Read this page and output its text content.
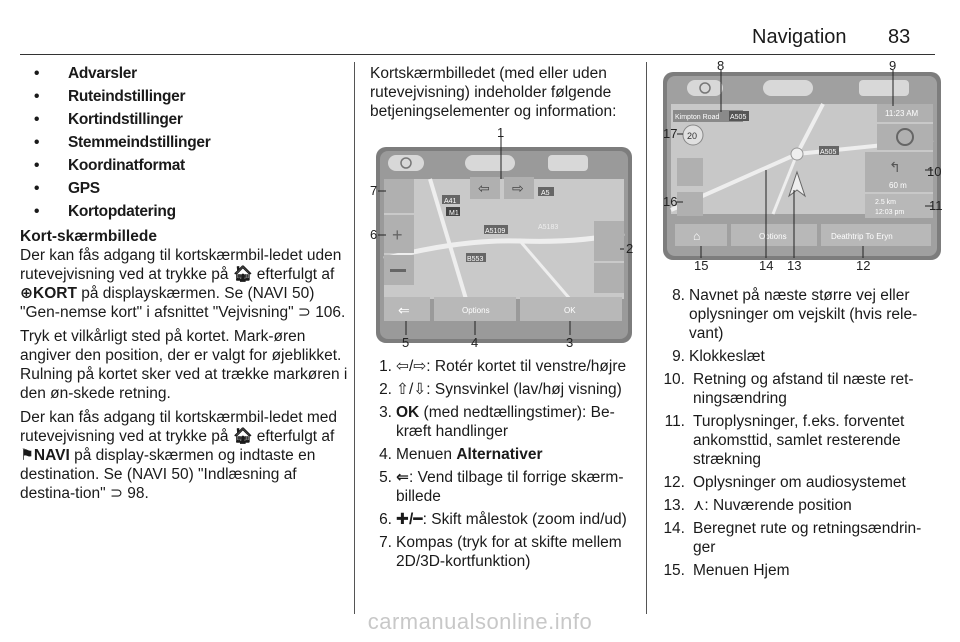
Navigation 83
• Advarsler
• Ruteindstillinger
• Kortindstillinger
• Stemmeindstillinger
• Koordinatformat
• GPS
• Kortopdatering
Kort-skærmbillede

Der kan fås adgang til kortskærmbil-ledet uden rutevejvisning ved at trykke på 🏠︎ efterfulgt af ⊕KORT på displayskærmen. Se (NAVI 50) "Gen-nemse kort" i afsnittet "Vejvisning" ⊃ 106.

Tryk et vilkårligt sted på kortet. Mark-øren angiver den position, der er valgt for øjeblikket. Rulning på kortet sker ved at trække markøren i den øn-skede retning.

Der kan fås adgang til kortskærmbil-ledet med rutevejvisning ved at trykke på 🏠︎ efterfulgt af ⚑NAVI på display-skærmen og indtaste en destination. Se (NAVI 50) "Indlæsning af destina-tion" ⊃ 98.

Kortskærmbilledet (med eller uden rutevejvisning) indeholder følgende betjeningselementer og information:

⇦ ⇨
A41
M1
A5
A5183
B553
A5109
+
⇐	Options	OK
1
2
3
4
5
6
7
1. ⇦/⇨: Rotér kortet til venstre/højre
2. ⇧/⇩: Synsvinkel (lav/høj visning)
3. OK (med nedtællingstimer): Be-kræft handlinger
4. Menuen Alternativer
5. ⇐: Vend tilbage til forrige skærm-billede
6. ✚/━: Skift målestok (zoom ind/ud)
7. Kompas (tryk for at skifte mellem 2D/3D-kortfunktion)
Kimpton Road A505
20
A505
11:23 AM
60 m
↰
2.5 km
12:03 pm
⌂	Options	Deathtrip To Eryn
8	9
10
11
12
13
14
15
16
17
8. Navnet på næste større vej eller oplysninger om vejskilt (hvis rele-vant)
9. Klokkeslæt
10. Retning og afstand til næste ret-ningsændring
11. Turoplysninger, f.eks. forventet ankomsttid, samlet resterende strækning
12. Oplysninger om audiosystemet
13. ⋏: Nuværende position
14. Beregnet rute og retningsændrin-ger
15. Menuen Hjem
carmanualsonline.info
